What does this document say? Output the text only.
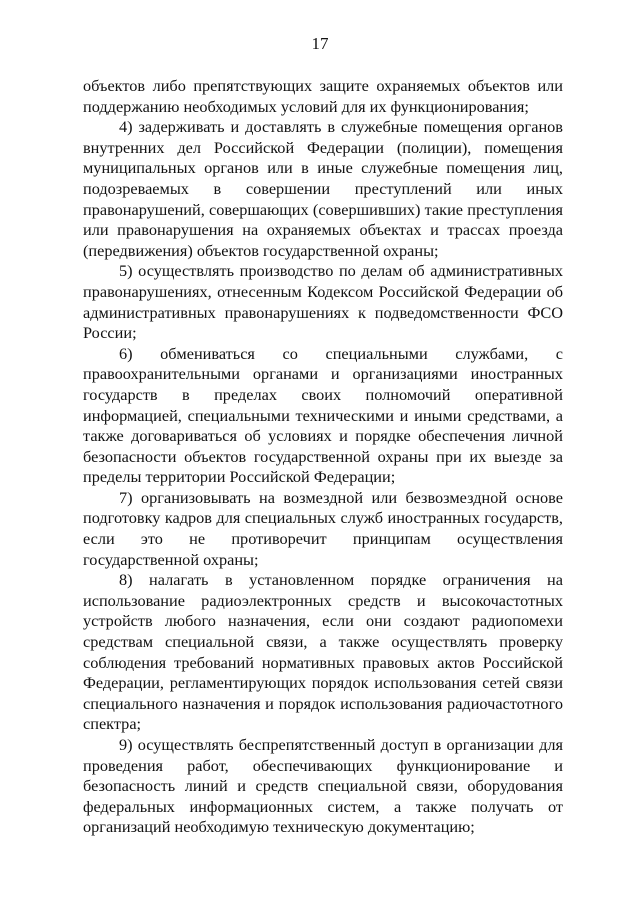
17

объектов либо препятствующих защите охраняемых объектов или поддержанию необходимых условий для их функционирования;

4) задерживать и доставлять в служебные помещения органов внутренних дел Российской Федерации (полиции), помещения муниципальных органов или в иные служебные помещения лиц, подозреваемых в совершении преступлений или иных правонарушений, совершающих (совершивших) такие преступления или правонарушения на охраняемых объектах и трассах проезда (передвижения) объектов государственной охраны;

5) осуществлять производство по делам об административных правонарушениях, отнесенным Кодексом Российской Федерации об административных правонарушениях к подведомственности ФСО России;

6) обмениваться со специальными службами, с правоохранительными органами и организациями иностранных государств в пределах своих полномочий оперативной информацией, специальными техническими и иными средствами, а также договариваться об условиях и порядке обеспечения личной безопасности объектов государственной охраны при их выезде за пределы территории Российской Федерации;

7) организовывать на возмездной или безвозмездной основе подготовку кадров для специальных служб иностранных государств, если это не противоречит принципам осуществления государственной охраны;

8) налагать в установленном порядке ограничения на использование радиоэлектронных средств и высокочастотных устройств любого назначения, если они создают радиопомехи средствам специальной связи, а также осуществлять проверку соблюдения требований нормативных правовых актов Российской Федерации, регламентирующих порядок использования сетей связи специального назначения и порядок использования радиочастотного спектра;

9) осуществлять беспрепятственный доступ в организации для проведения работ, обеспечивающих функционирование и безопасность линий и средств специальной связи, оборудования федеральных информационных систем, а также получать от организаций необходимую техническую документацию;
